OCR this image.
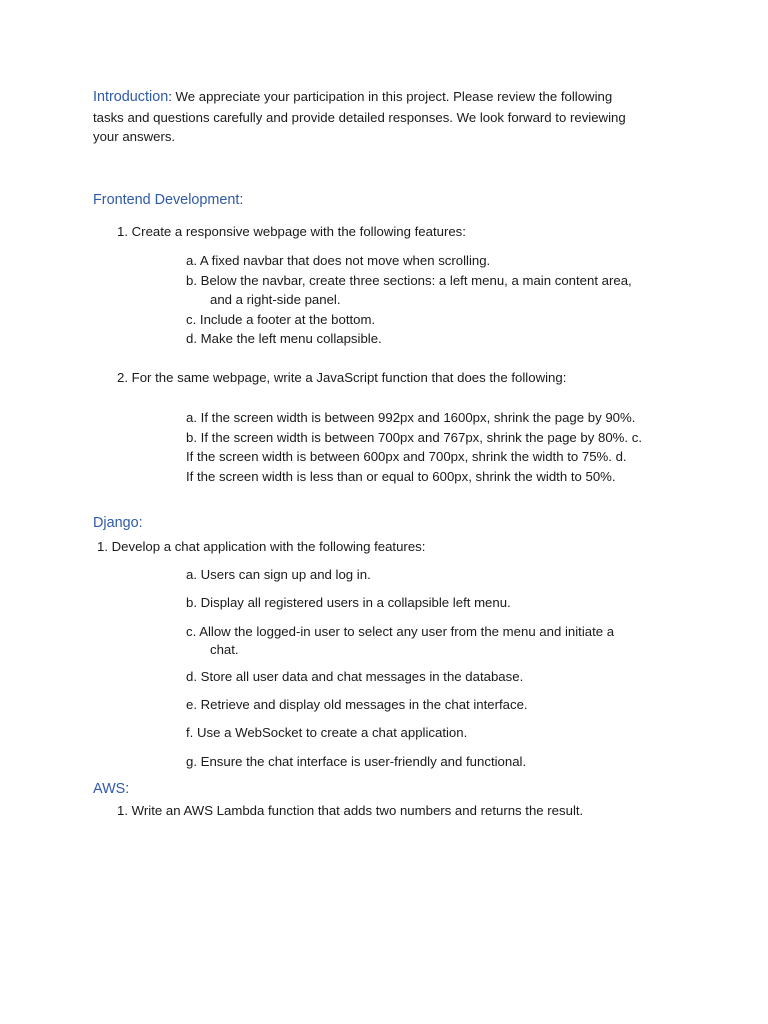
Introduction: We appreciate your participation in this project. Please review the following
tasks and questions carefully and provide detailed responses. We look forward to reviewing
your answers.
Frontend Development:
1. Create a responsive webpage with the following features:
a. A fixed navbar that does not move when scrolling.
b. Below the navbar, create three sections: a left menu, a main content area,
and a right-side panel.
c. Include a footer at the bottom.
d. Make the left menu collapsible.
2. For the same webpage, write a JavaScript function that does the following:
a. If the screen width is between 992px and 1600px, shrink the page by 90%.
b. If the screen width is between 700px and 767px, shrink the page by 80%. c.
If the screen width is between 600px and 700px, shrink the width to 75%. d.
If the screen width is less than or equal to 600px, shrink the width to 50%.
Django:
1. Develop a chat application with the following features:
a. Users can sign up and log in.
b. Display all registered users in a collapsible left menu.
c. Allow the logged-in user to select any user from the menu and initiate a
chat.
d. Store all user data and chat messages in the database.
e. Retrieve and display old messages in the chat interface.
f. Use a WebSocket to create a chat application.
g. Ensure the chat interface is user-friendly and functional.
AWS:
1. Write an AWS Lambda function that adds two numbers and returns the result.
